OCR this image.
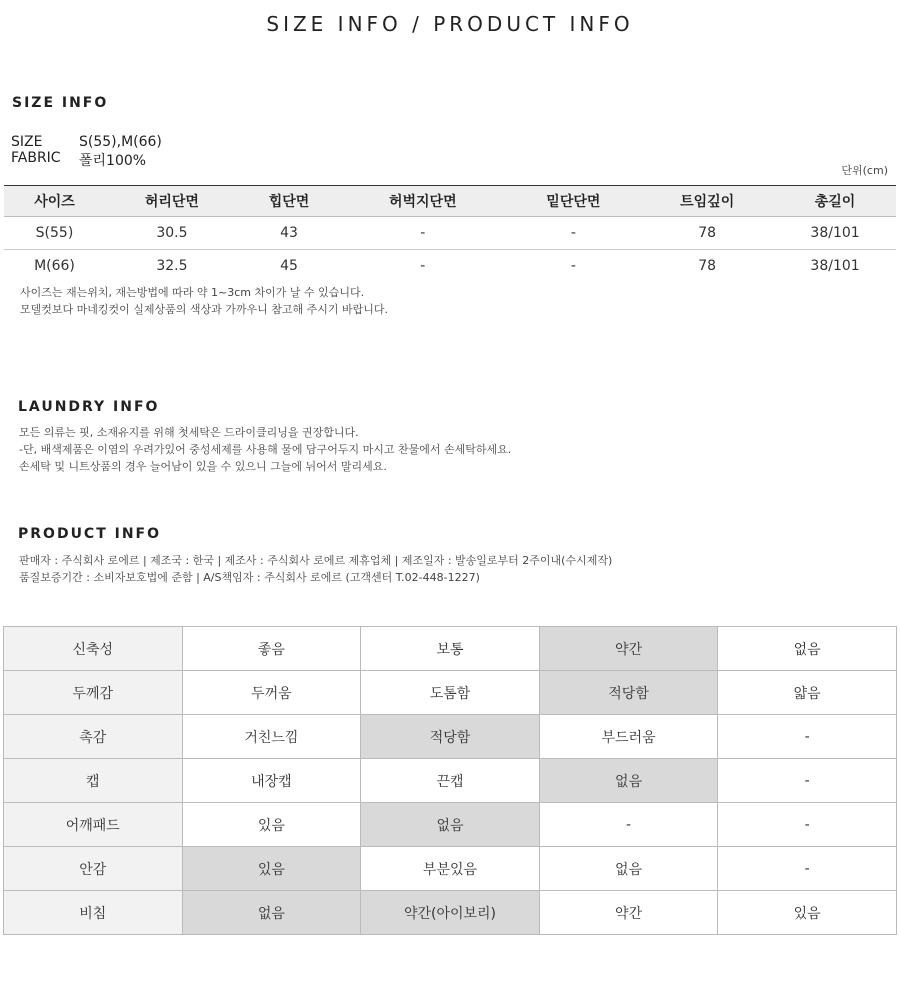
SIZE INFO / PRODUCT INFO
SIZE INFO
SIZE	S(55),M(66)
FABRIC	폴리100%
단위(cm)
사이즈	허리단면	힙단면	허벅지단면	밑단단면	트임깊이	총길이
S(55)	30.5	43	-	-	78	38/101
M(66)	32.5	45	-	-	78	38/101
사이즈는 재는위치, 재는방법에 따라 약 1~3cm 차이가 날 수 있습니다.
모델컷보다 마네킹컷이 실제상품의 색상과 가까우니 참고해 주시기 바랍니다.
LAUNDRY INFO
모든 의류는 핏, 소재유지를 위해 첫세탁은 드라이클리닝을 권장합니다.
-단, 배색제품은 이염의 우려가있어 중성세제를 사용해 물에 담구어두지 마시고 찬물에서 손세탁하세요.
손세탁 및 니트상품의 경우 늘어남이 있을 수 있으니 그늘에 뉘어서 말리세요.
PRODUCT INFO
판매자 : 주식회사 로에르 | 제조국 : 한국 | 제조사 : 주식회사 로에르 제휴업체 | 제조일자 : 발송일로부터 2주이내(수시제작)
품질보증기간 : 소비자보호법에 준함 | A/S책임자 : 주식회사 로에르 (고객센터 T.02-448-1227)
신축성	좋음	보통	약간	없음
두께감	두꺼움	도톰함	적당함	얇음
촉감	거친느낌	적당함	부드러움	-
캡	내장캡	끈캡	없음	-
어깨패드	있음	없음	-	-
안감	있음	부분있음	없음	-
비침	없음	약간(아이보리)	약간	있음
